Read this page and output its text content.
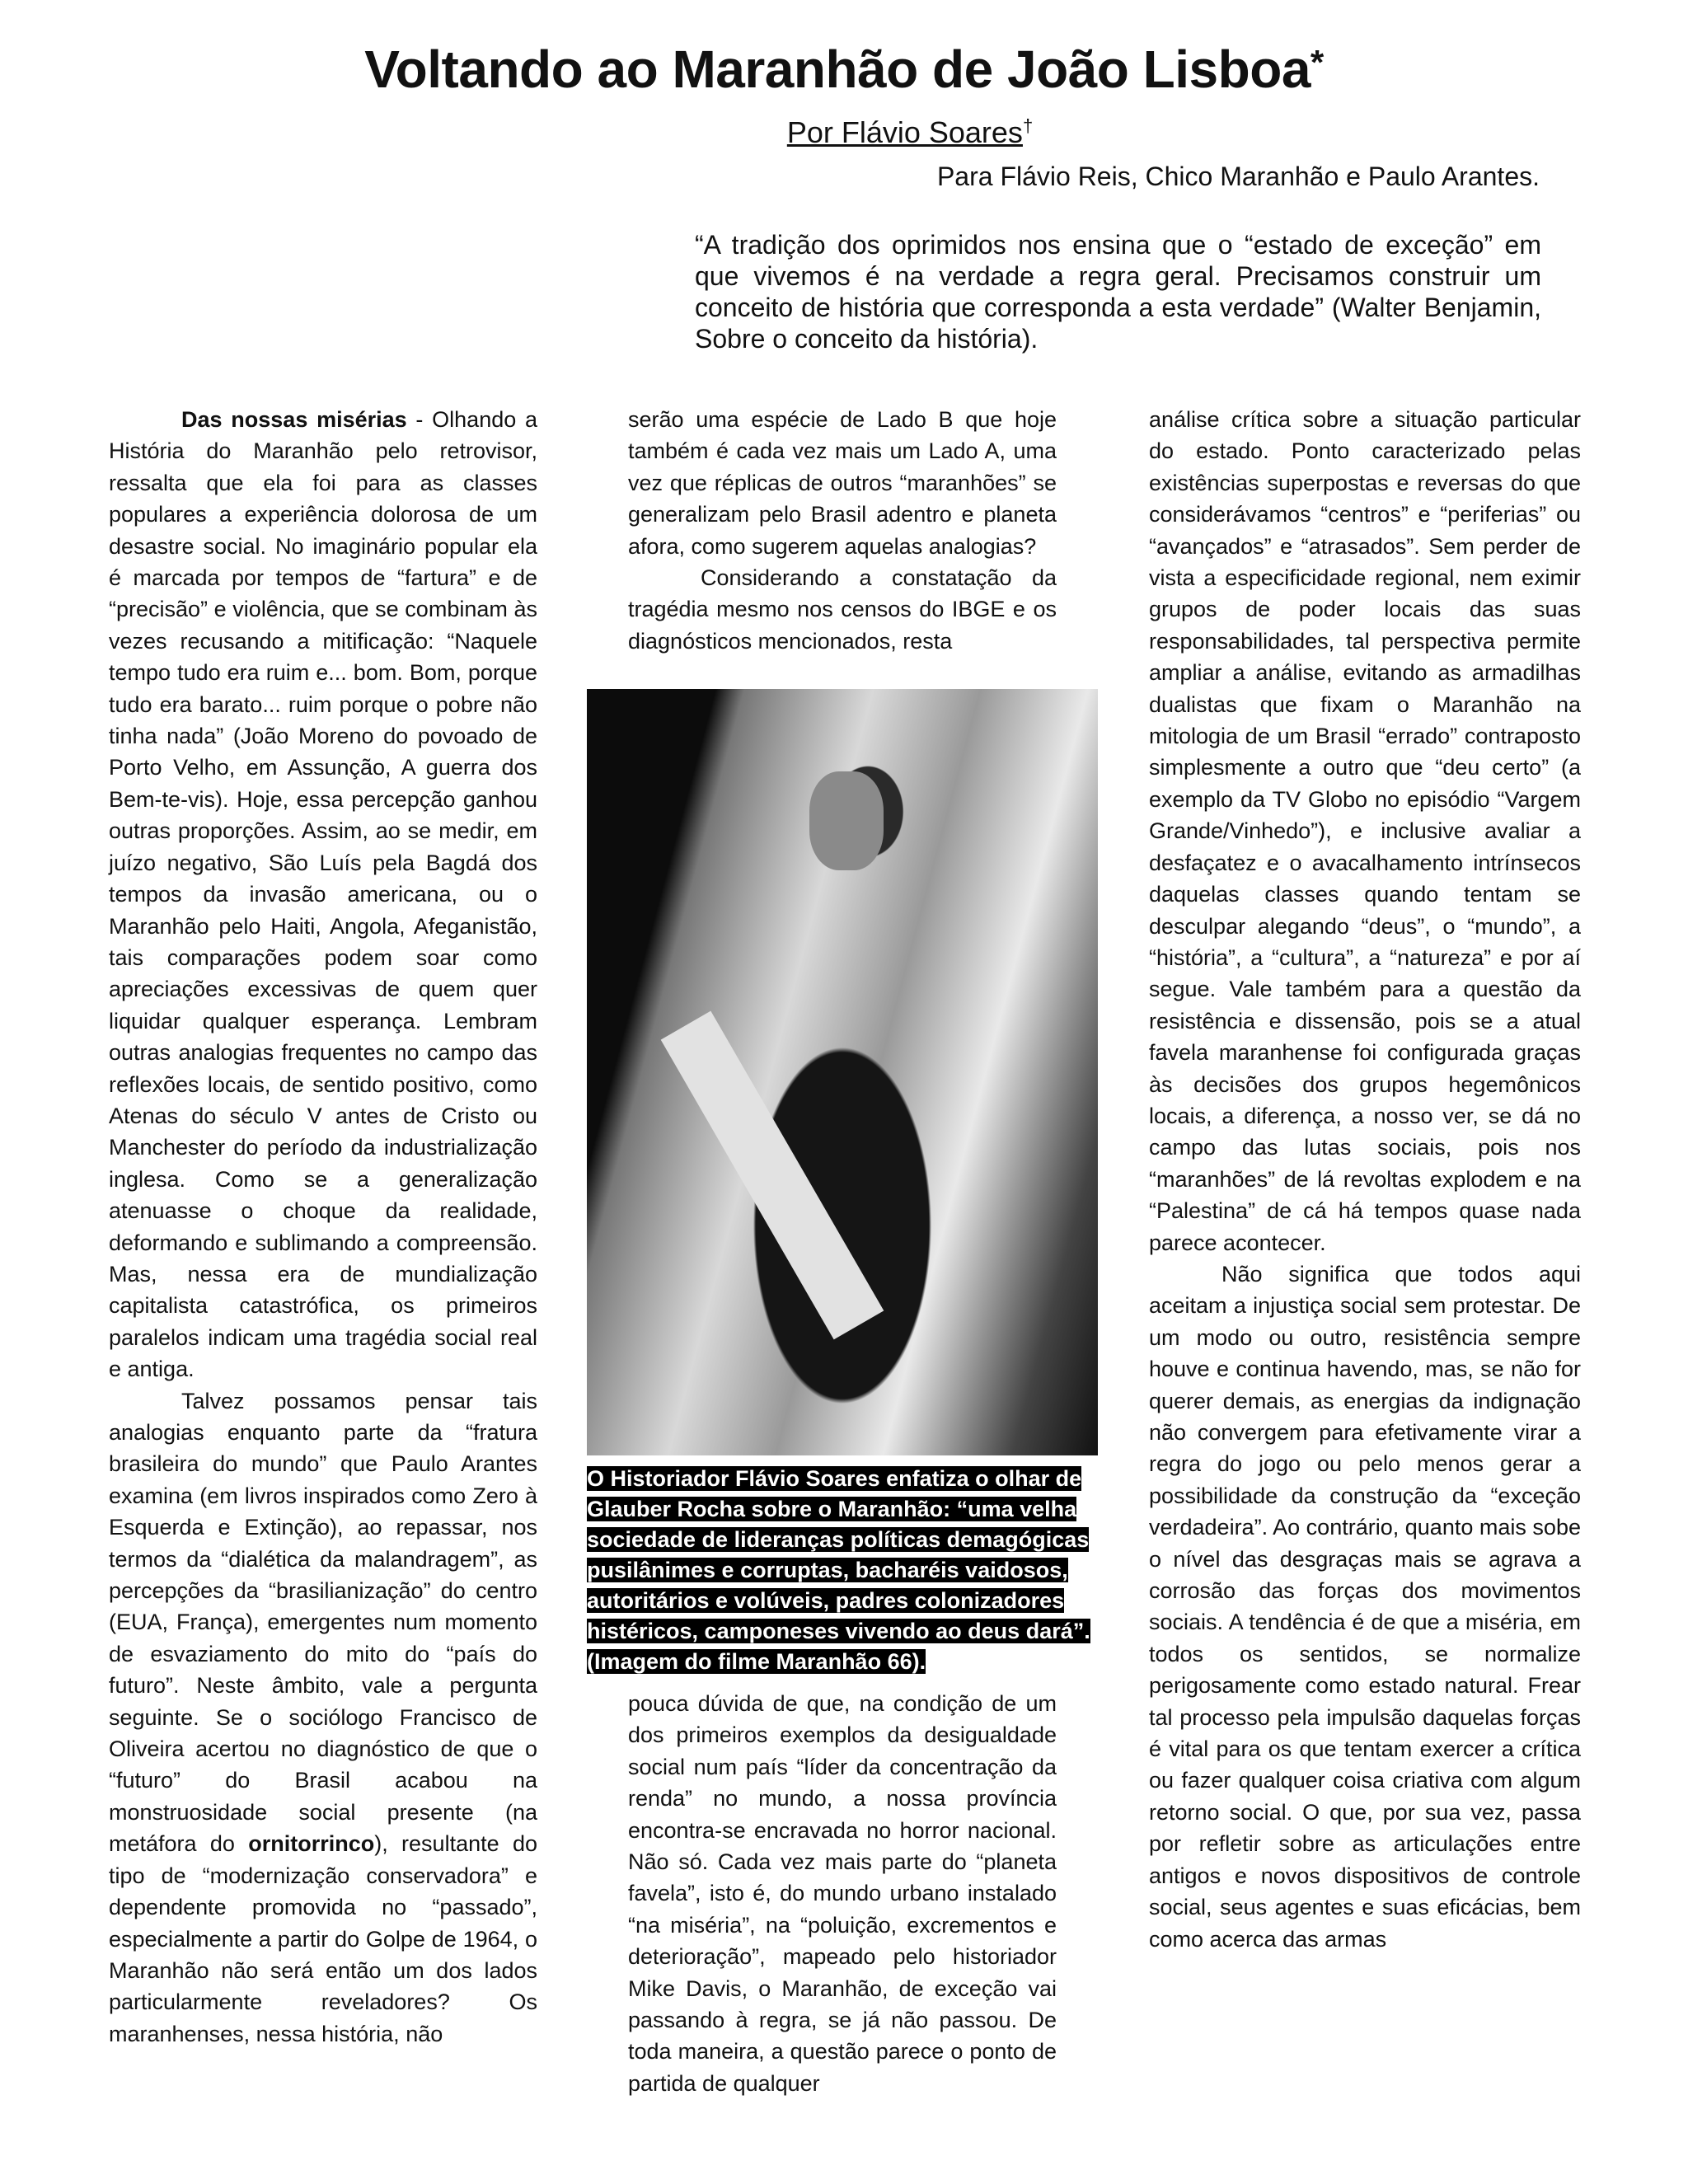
Voltando ao Maranhão de João Lisboa*
Por Flávio Soares†
Para Flávio Reis, Chico Maranhão e Paulo Arantes.
“A tradição dos oprimidos nos ensina que o “estado de exceção” em que vivemos é na verdade a regra geral. Precisamos construir um conceito de história que corresponda a esta verdade” (Walter Benjamin, Sobre o conceito da história).

Das nossas misérias - Olhando a História do Maranhão pelo retrovisor, ressalta que ela foi para as classes populares a experiência dolorosa de um desastre social. No imaginário popular ela é marcada por tempos de “fartura” e de “precisão” e violência, que se combinam às vezes recusando a mitificação: “Naquele tempo tudo era ruim e... bom. Bom, porque tudo era barato... ruim porque o pobre não tinha nada” (João Moreno do povoado de Porto Velho, em Assunção, A guerra dos Bem-te-vis). Hoje, essa percepção ganhou outras proporções. Assim, ao se medir, em juízo negativo, São Luís pela Bagdá dos tempos da invasão americana, ou o Maranhão pelo Haiti, Angola, Afeganistão, tais comparações podem soar como apreciações excessivas de quem quer liquidar qualquer esperança. Lembram outras analogias frequentes no campo das reflexões locais, de sentido positivo, como Atenas do século V antes de Cristo ou Manchester do período da industrialização inglesa. Como se a generalização atenuasse o choque da realidade, deformando e sublimando a compreensão. Mas, nessa era de mundialização capitalista catastrófica, os primeiros paralelos indicam uma tragédia social real e antiga.

Talvez possamos pensar tais analogias enquanto parte da “fratura brasileira do mundo” que Paulo Arantes examina (em livros inspirados como Zero à Esquerda e Extinção), ao repassar, nos termos da “dialética da malandragem”, as percepções da “brasilianização” do centro (EUA, França), emergentes num momento de esvaziamento do mito do “país do futuro”. Neste âmbito, vale a pergunta seguinte. Se o sociólogo Francisco de Oliveira acertou no diagnóstico de que o “futuro” do Brasil acabou na monstruosidade social presente (na metáfora do ornitorrinco), resultante do tipo de “modernização conservadora” e dependente promovida no “passado”, especialmente a partir do Golpe de 1964, o Maranhão não será então um dos lados particularmente reveladores? Os maranhenses, nessa história, não

serão uma espécie de Lado B que hoje também é cada vez mais um Lado A, uma vez que réplicas de outros “maranhões” se generalizam pelo Brasil adentro e planeta afora, como sugerem aquelas analogias?

Considerando a constatação da tragédia mesmo nos censos do IBGE e os diagnósticos mencionados, resta

O Historiador Flávio Soares enfatiza o olhar de Glauber Rocha sobre o Maranhão: “uma velha sociedade de lideranças políticas demagógicas pusilânimes e corruptas, bacharéis vaidosos, autoritários e volúveis, padres colonizadores histéricos, camponeses vivendo ao deus dará”. (Imagem do filme Maranhão 66).

pouca dúvida de que, na condição de um dos primeiros exemplos da desigualdade social num país “líder da concentração da renda” no mundo, a nossa província encontra-se encravada no horror nacional. Não só. Cada vez mais parte do “planeta favela”, isto é, do mundo urbano instalado “na miséria”, na “poluição, excrementos e deterioração”, mapeado pelo historiador Mike Davis, o Maranhão, de exceção vai passando à regra, se já não passou. De toda maneira, a questão parece o ponto de partida de qualquer

análise crítica sobre a situação particular do estado. Ponto caracterizado pelas existências superpostas e reversas do que considerávamos “centros” e “periferias” ou “avançados” e “atrasados”. Sem perder de vista a especificidade regional, nem eximir grupos de poder locais das suas responsabilidades, tal perspectiva permite ampliar a análise, evitando as armadilhas dualistas que fixam o Maranhão na mitologia de um Brasil “errado” contraposto simplesmente a outro que “deu certo” (a exemplo da TV Globo no episódio “Vargem Grande/Vinhedo”), e inclusive avaliar a desfaçatez e o avacalhamento intrínsecos daquelas classes quando tentam se desculpar alegando “deus”, o “mundo”, a “história”, a “cultura”, a “natureza” e por aí segue. Vale também para a questão da resistência e dissensão, pois se a atual favela maranhense foi configurada graças às decisões dos grupos hegemônicos locais, a diferença, a nosso ver, se dá no campo das lutas sociais, pois nos “maranhões” de lá revoltas explodem e na “Palestina” de cá há tempos quase nada parece acontecer.

Não significa que todos aqui aceitam a injustiça social sem protestar. De um modo ou outro, resistência sempre houve e continua havendo, mas, se não for querer demais, as energias da indignação não convergem para efetivamente virar a regra do jogo ou pelo menos gerar a possibilidade da construção da “exceção verdadeira”. Ao contrário, quanto mais sobe o nível das desgraças mais se agrava a corrosão das forças dos movimentos sociais. A tendência é de que a miséria, em todos os sentidos, se normalize perigosamente como estado natural. Frear tal processo pela impulsão daquelas forças é vital para os que tentam exercer a crítica ou fazer qualquer coisa criativa com algum retorno social. O que, por sua vez, passa por refletir sobre as articulações entre antigos e novos dispositivos de controle social, seus agentes e suas eficácias, bem como acerca das armas
